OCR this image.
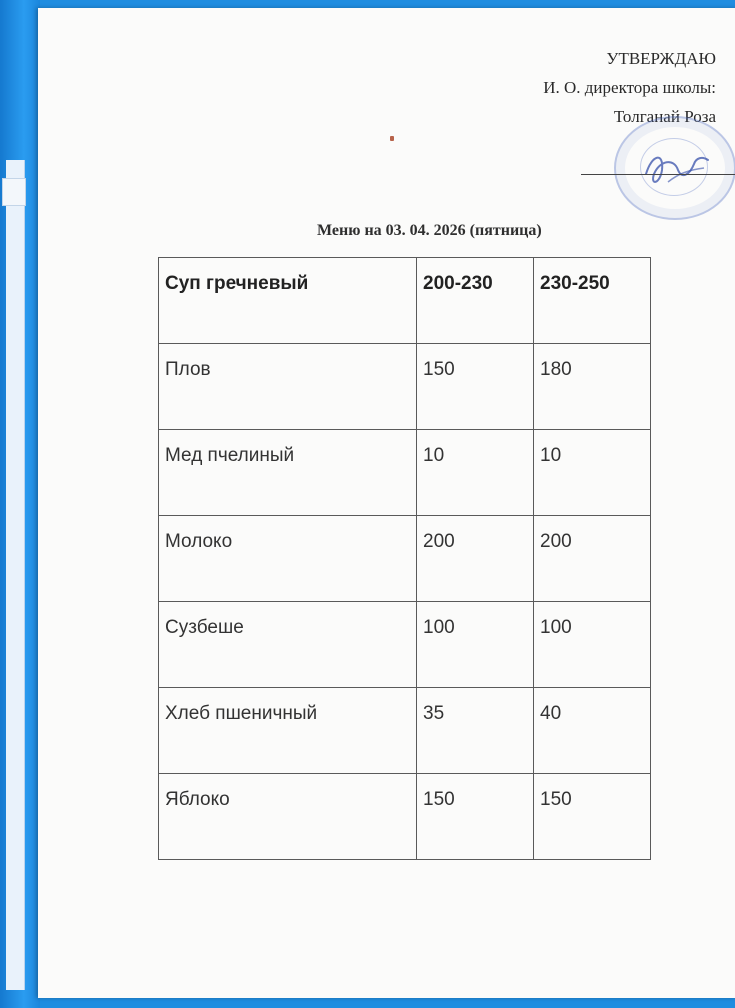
УТВЕРЖДАЮ
И. О. директора школы:
Толганай Роза
Меню на 03. 04. 2026 (пятница)
Суп гречневый	200-230	230-250
Плов	150	180
Мед пчелиный	10	10
Молоко	200	200
Сузбеше	100	100
Хлеб пшеничный	35	40
Яблоко	150	150
